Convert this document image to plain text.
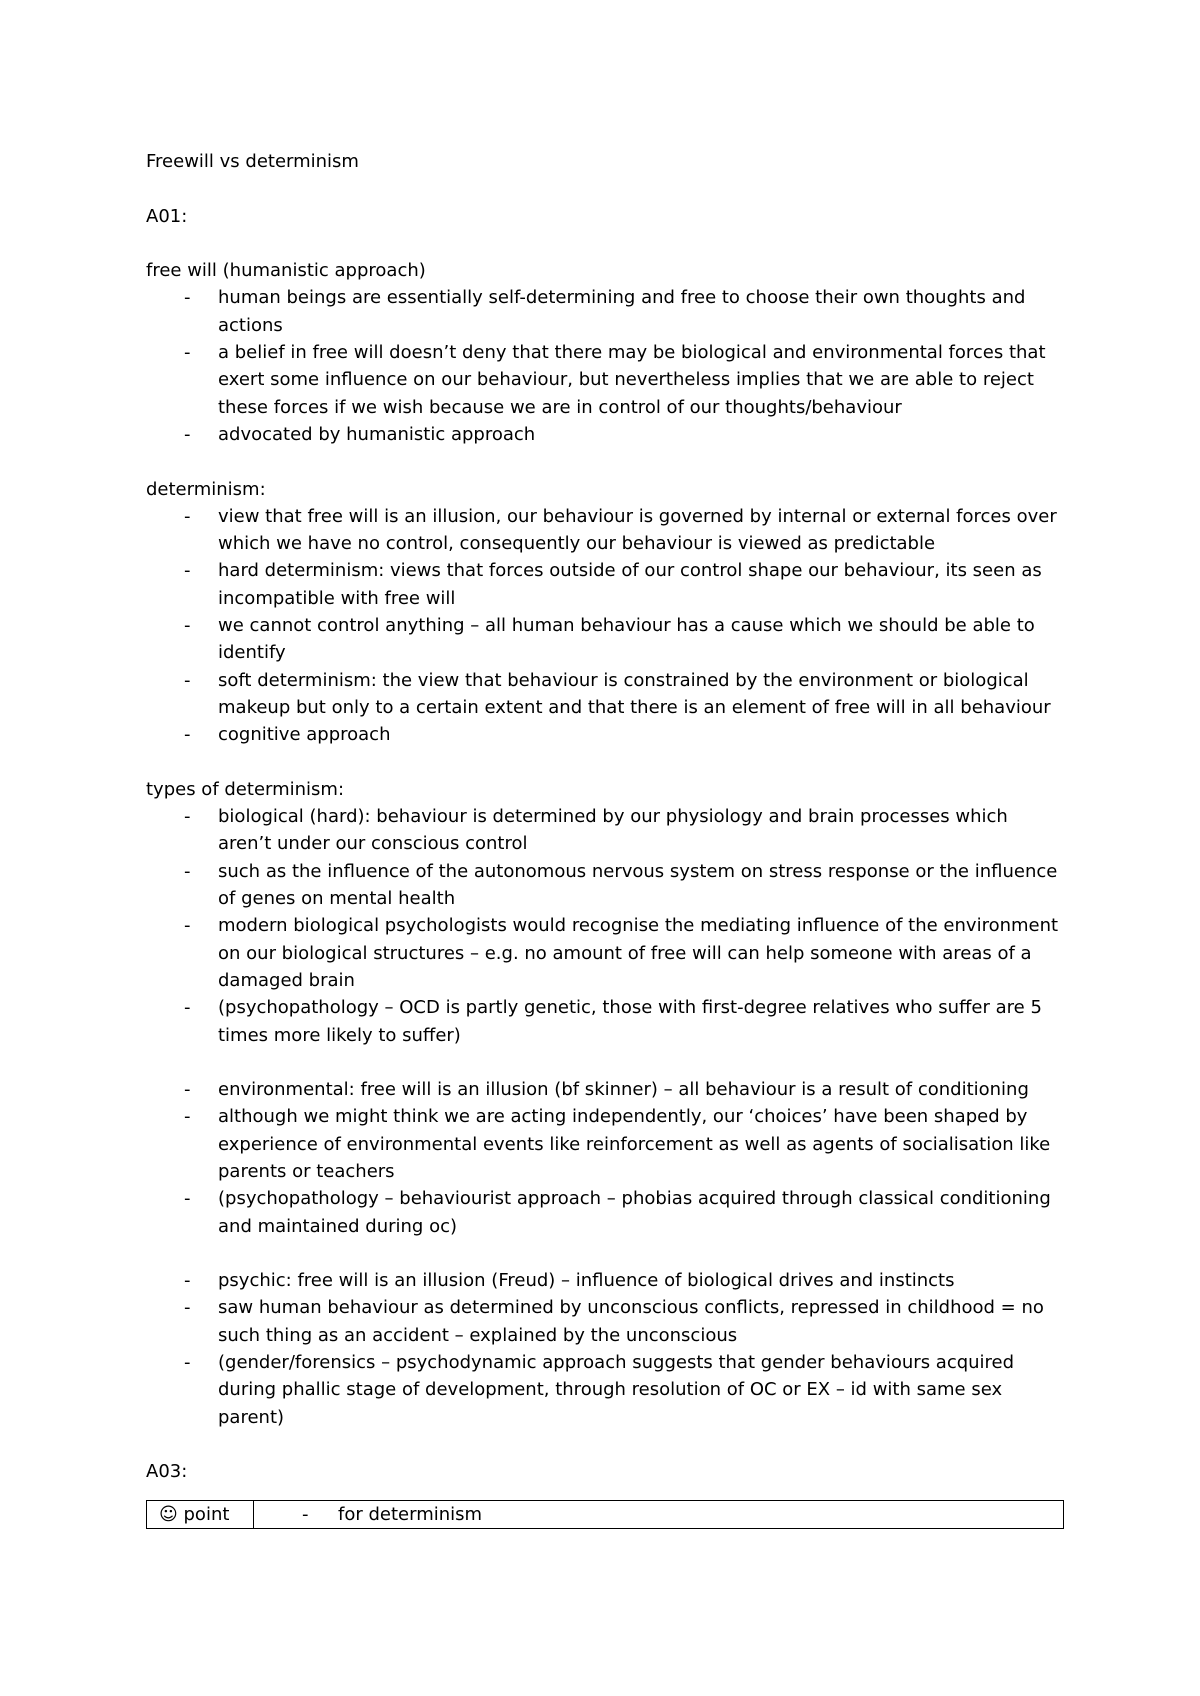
Freewill vs determinism

A01:

free will (humanistic approach)

- human beings are essentially self-determining and free to choose their own thoughts and actions
- a belief in free will doesn’t deny that there may be biological and environmental forces that exert some influence on our behaviour, but nevertheless implies that we are able to reject these forces if we wish because we are in control of our thoughts/behaviour
- advocated by humanistic approach

determinism:

- view that free will is an illusion, our behaviour is governed by internal or external forces over which we have no control, consequently our behaviour is viewed as predictable
- hard determinism: views that forces outside of our control shape our behaviour, its seen as incompatible with free will
- we cannot control anything – all human behaviour has a cause which we should be able to identify
- soft determinism: the view that behaviour is constrained by the environment or biological makeup but only to a certain extent and that there is an element of free will in all behaviour
- cognitive approach

types of determinism:

- biological (hard): behaviour is determined by our physiology and brain processes which aren’t under our conscious control
- such as the influence of the autonomous nervous system on stress response or the influence of genes on mental health
- modern biological psychologists would recognise the mediating influence of the environment on our biological structures – e.g. no amount of free will can help someone with areas of a damaged brain
- (psychopathology – OCD is partly genetic, those with first-degree relatives who suffer are 5 times more likely to suffer)
- environmental: free will is an illusion (bf skinner) – all behaviour is a result of conditioning
- although we might think we are acting independently, our ‘choices’ have been shaped by experience of environmental events like reinforcement as well as agents of socialisation like parents or teachers
- (psychopathology – behaviourist approach – phobias acquired through classical conditioning and maintained during oc)
- psychic: free will is an illusion (Freud) – influence of biological drives and instincts
- saw human behaviour as determined by unconscious conflicts, repressed in childhood = no such thing as an accident – explained by the unconscious
- (gender/forensics – psychodynamic approach suggests that gender behaviours acquired during phallic stage of development, through resolution of OC or EX – id with same sex parent)

A03:

☺ point	- for determinism
